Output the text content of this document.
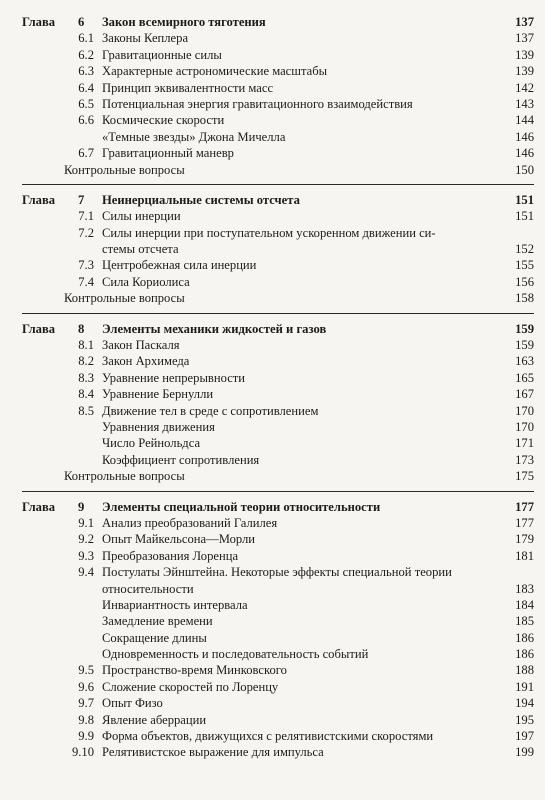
Глава 6 Закон всемирного тяготения	137
6.1 Законы Кеплера	137
6.2 Гравитационные силы	139
6.3 Характерные астрономические масштабы	139
6.4 Принцип эквивалентности масс	142
6.5 Потенциальная энергия гравитационного взаимодействия	143
6.6 Космические скорости	144
«Темные звезды» Джона Мичелла	146
6.7 Гравитационный маневр	146
Контрольные вопросы	150
Глава 7 Неинерциальные системы отсчета	151
7.1 Силы инерции	151
7.2 Силы инерции при поступательном ускоренном движении си-
стемы отсчета	152
7.3 Центробежная сила инерции	155
7.4 Сила Кориолиса	156
Контрольные вопросы	158
Глава 8 Элементы механики жидкостей и газов	159
8.1 Закон Паскаля	159
8.2 Закон Архимеда	163
8.3 Уравнение непрерывности	165
8.4 Уравнение Бернулли	167
8.5 Движение тел в среде с сопротивлением	170
Уравнения движения	170
Число Рейнольдса	171
Коэффициент сопротивления	173
Контрольные вопросы	175
Глава 9 Элементы специальной теории относительности	177
9.1 Анализ преобразований Галилея	177
9.2 Опыт Майкельсона—Морли	179
9.3 Преобразования Лоренца	181
9.4 Постулаты Эйнштейна. Некоторые эффекты специальной теории
относительности	183
Инвариантность интервала	184
Замедление времени	185
Сокращение длины	186
Одновременность и последовательность событий	186
9.5 Пространство-время Минковского	188
9.6 Сложение скоростей по Лоренцу	191
9.7 Опыт Физо	194
9.8 Явление аберрации	195
9.9 Форма объектов, движущихся с релятивистскими скоростями	197
9.10 Релятивистское выражение для импульса	199
